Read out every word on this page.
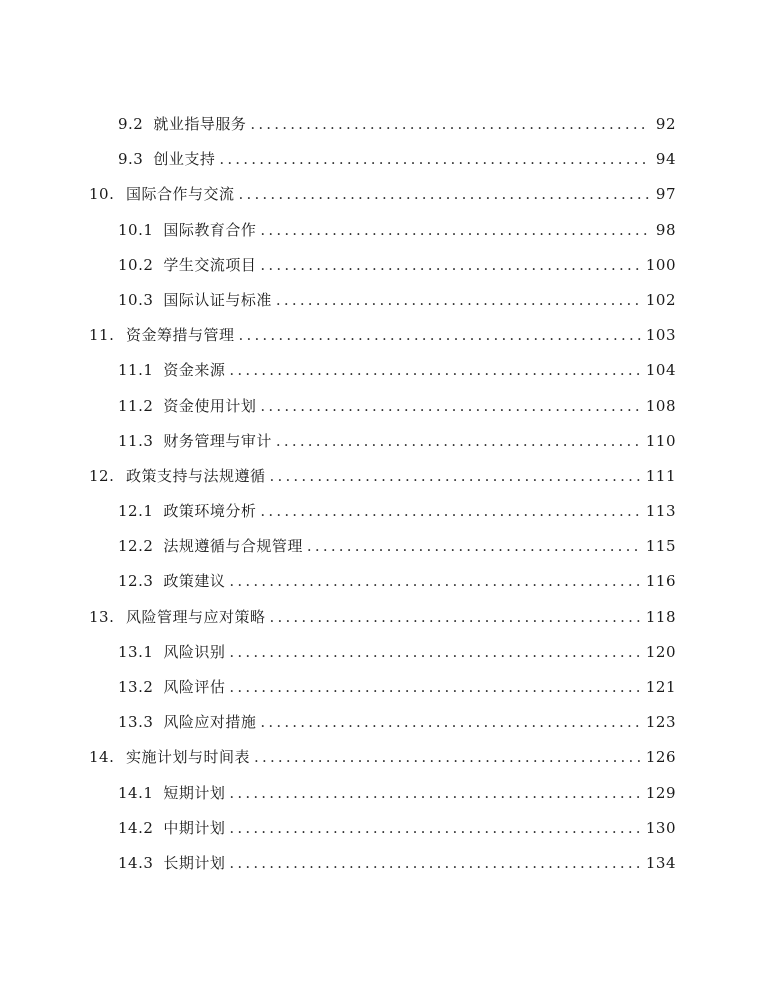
9.2 就业指导服务 .....	92
9.3 创业支持 .....	94
10. 国际合作与交流 .....	97
10.1 国际教育合作 .....	98
10.2 学生交流项目 .....	100
10.3 国际认证与标准 .....	102
11. 资金筹措与管理 .....	103
11.1 资金来源 .....	104
11.2 资金使用计划 .....	108
11.3 财务管理与审计 .....	110
12. 政策支持与法规遵循 .....	111
12.1 政策环境分析 .....	113
12.2 法规遵循与合规管理 .....	115
12.3 政策建议 .....	116
13. 风险管理与应对策略 .....	118
13.1 风险识别 .....	120
13.2 风险评估 .....	121
13.3 风险应对措施 .....	123
14. 实施计划与时间表 .....	126
14.1 短期计划 .....	129
14.2 中期计划 .....	130
14.3 长期计划 .....	134
